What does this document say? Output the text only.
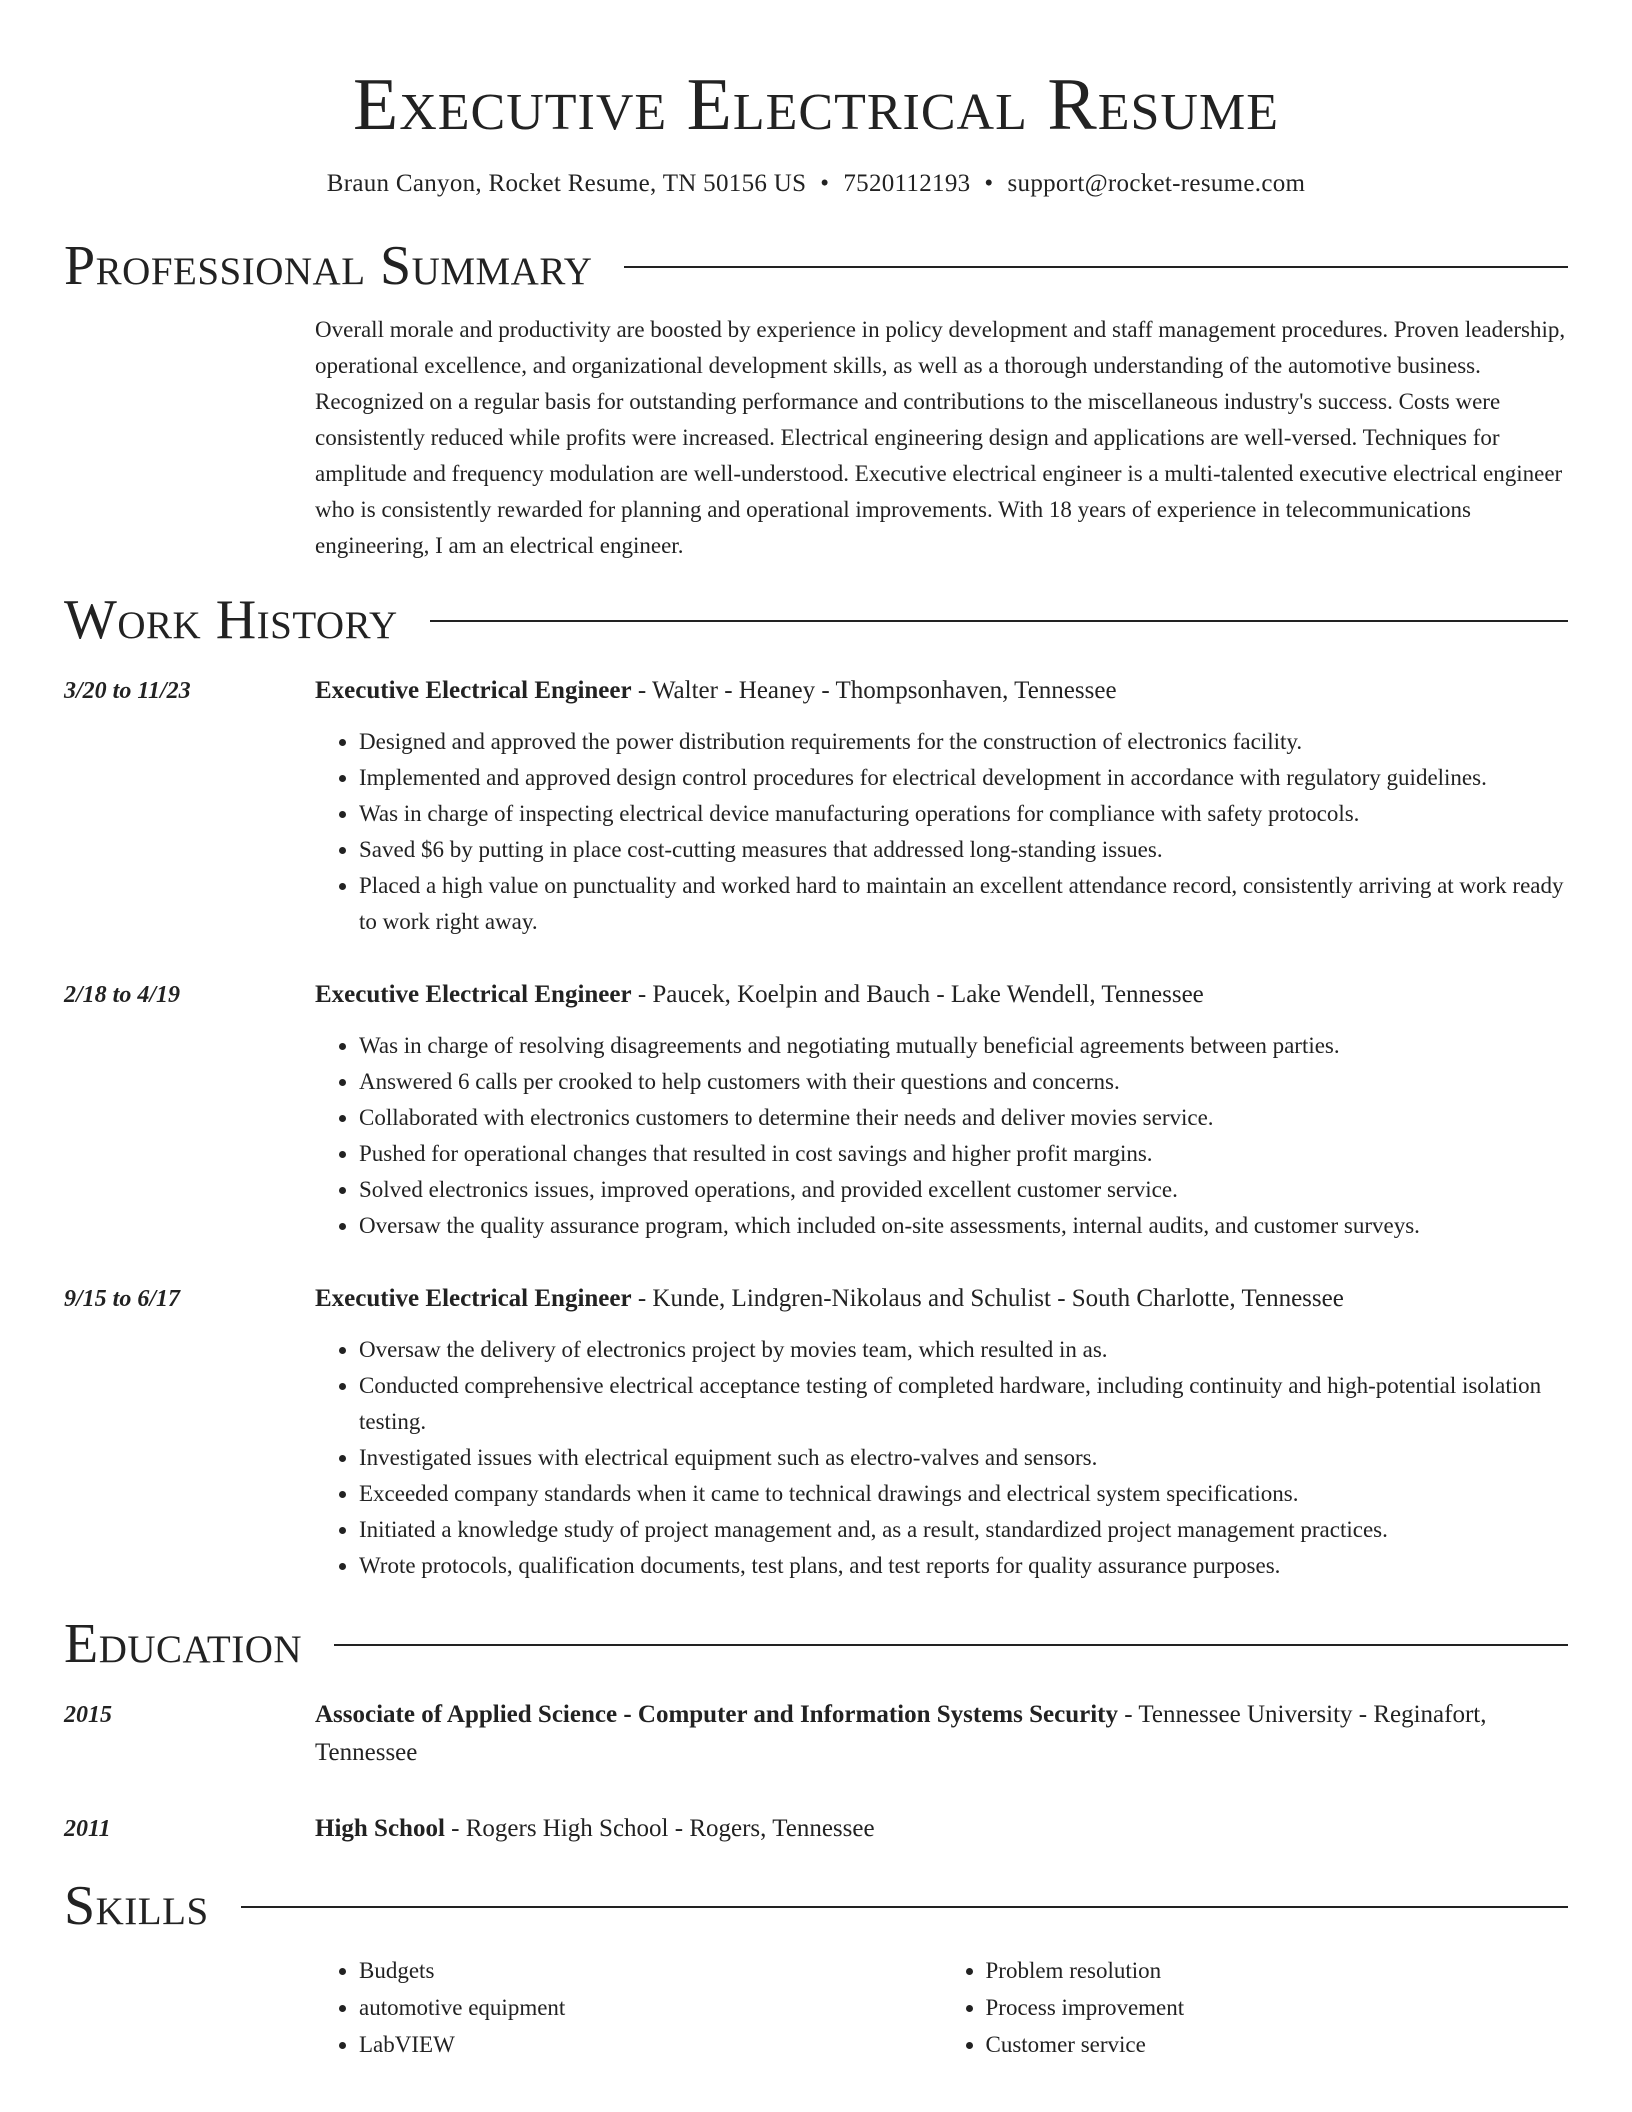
Executive Electrical Resume
Braun Canyon, Rocket Resume, TN 50156 US • 7520112193 • support@rocket-resume.com
Professional Summary
Overall morale and productivity are boosted by experience in policy development and staff management procedures. Proven leadership, operational excellence, and organizational development skills, as well as a thorough understanding of the automotive business. Recognized on a regular basis for outstanding performance and contributions to the miscellaneous industry's success. Costs were consistently reduced while profits were increased. Electrical engineering design and applications are well-versed. Techniques for amplitude and frequency modulation are well-understood. Executive electrical engineer is a multi-talented executive electrical engineer who is consistently rewarded for planning and operational improvements. With 18 years of experience in telecommunications engineering, I am an electrical engineer.
Work History
3/20 to 11/23	Executive Electrical Engineer - Walter - Heaney - Thompsonhaven, Tennessee
• Designed and approved the power distribution requirements for the construction of electronics facility.
• Implemented and approved design control procedures for electrical development in accordance with regulatory guidelines.
• Was in charge of inspecting electrical device manufacturing operations for compliance with safety protocols.
• Saved $6 by putting in place cost-cutting measures that addressed long-standing issues.
• Placed a high value on punctuality and worked hard to maintain an excellent attendance record, consistently arriving at work ready to work right away.
2/18 to 4/19	Executive Electrical Engineer - Paucek, Koelpin and Bauch - Lake Wendell, Tennessee
• Was in charge of resolving disagreements and negotiating mutually beneficial agreements between parties.
• Answered 6 calls per crooked to help customers with their questions and concerns.
• Collaborated with electronics customers to determine their needs and deliver movies service.
• Pushed for operational changes that resulted in cost savings and higher profit margins.
• Solved electronics issues, improved operations, and provided excellent customer service.
• Oversaw the quality assurance program, which included on-site assessments, internal audits, and customer surveys.
9/15 to 6/17	Executive Electrical Engineer - Kunde, Lindgren-Nikolaus and Schulist - South Charlotte, Tennessee
• Oversaw the delivery of electronics project by movies team, which resulted in as.
• Conducted comprehensive electrical acceptance testing of completed hardware, including continuity and high-potential isolation testing.
• Investigated issues with electrical equipment such as electro-valves and sensors.
• Exceeded company standards when it came to technical drawings and electrical system specifications.
• Initiated a knowledge study of project management and, as a result, standardized project management practices.
• Wrote protocols, qualification documents, test plans, and test reports for quality assurance purposes.
Education
2015	Associate of Applied Science - Computer and Information Systems Security - Tennessee University - Reginafort, Tennessee
2011	High School - Rogers High School - Rogers, Tennessee
Skills
• Budgets
• automotive equipment
• LabVIEW
• Problem resolution
• Process improvement
• Customer service
